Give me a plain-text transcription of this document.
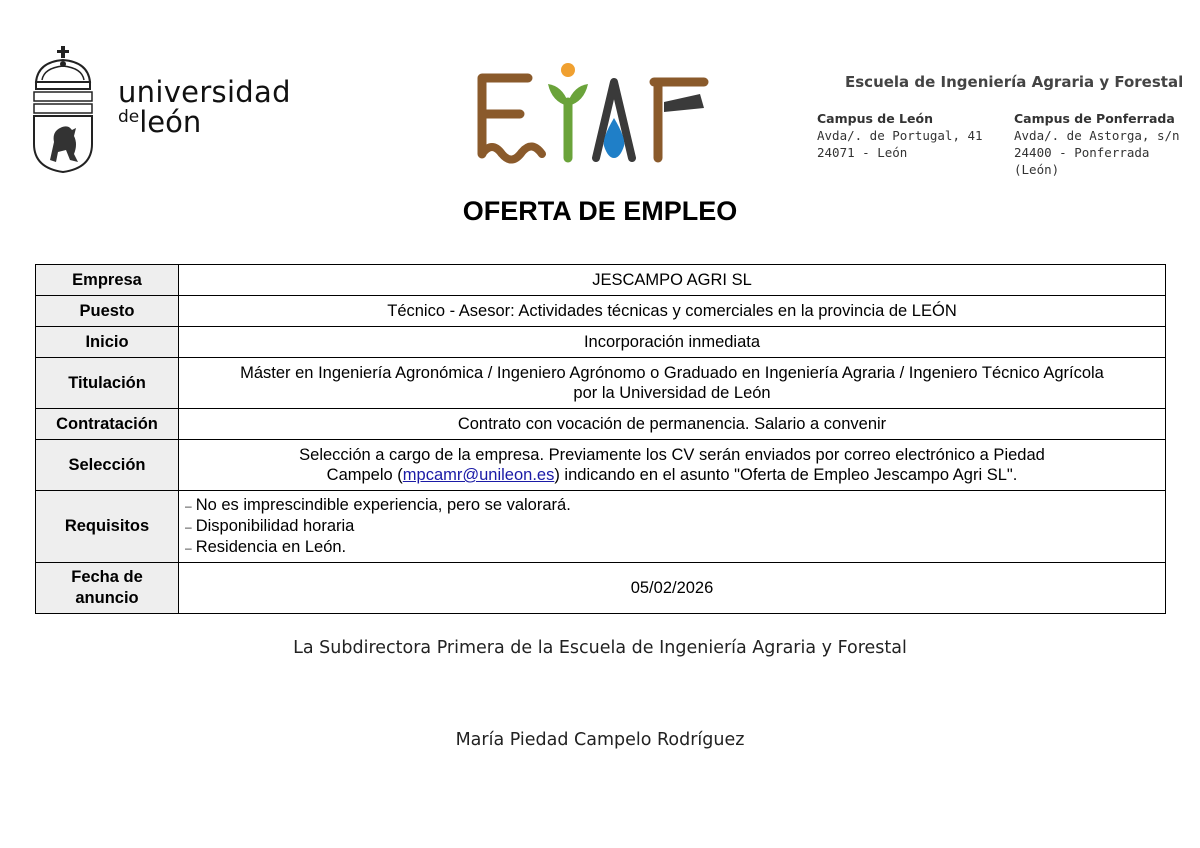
universidad
deleón
Escuela de Ingeniería Agraria y Forestal
Campus de León
Avda/. de Portugal, 41
24071 - León
Campus de Ponferrada
Avda/. de Astorga, s/n
24400 - Ponferrada (León)
OFERTA DE EMPLEO
Empresa	JESCAMPO AGRI SL
Puesto	Técnico - Asesor: Actividades técnicas y comerciales en la provincia de LEÓN
Inicio	Incorporación inmediata
Titulación	Máster en Ingeniería Agronómica / Ingeniero Agrónomo o Graduado en Ingeniería Agraria / Ingeniero Técnico Agrícola
por la Universidad de León

Contratación	Contrato con vocación de permanencia. Salario a convenir
Selección	Selección a cargo de la empresa. Previamente los CV serán enviados por correo electrónico a Piedad
Campelo (mpcamr@unileon.es) indicando en el asunto "Oferta de Empleo Jescampo Agri SL".

Requisitos	– No es imprescindible experiencia, pero se valorará.
– Disponibilidad horaria
– Residencia en León.

Fecha de
anuncio	05/02/2026
La Subdirectora Primera de la Escuela de Ingeniería Agraria y Forestal
María Piedad Campelo Rodríguez
